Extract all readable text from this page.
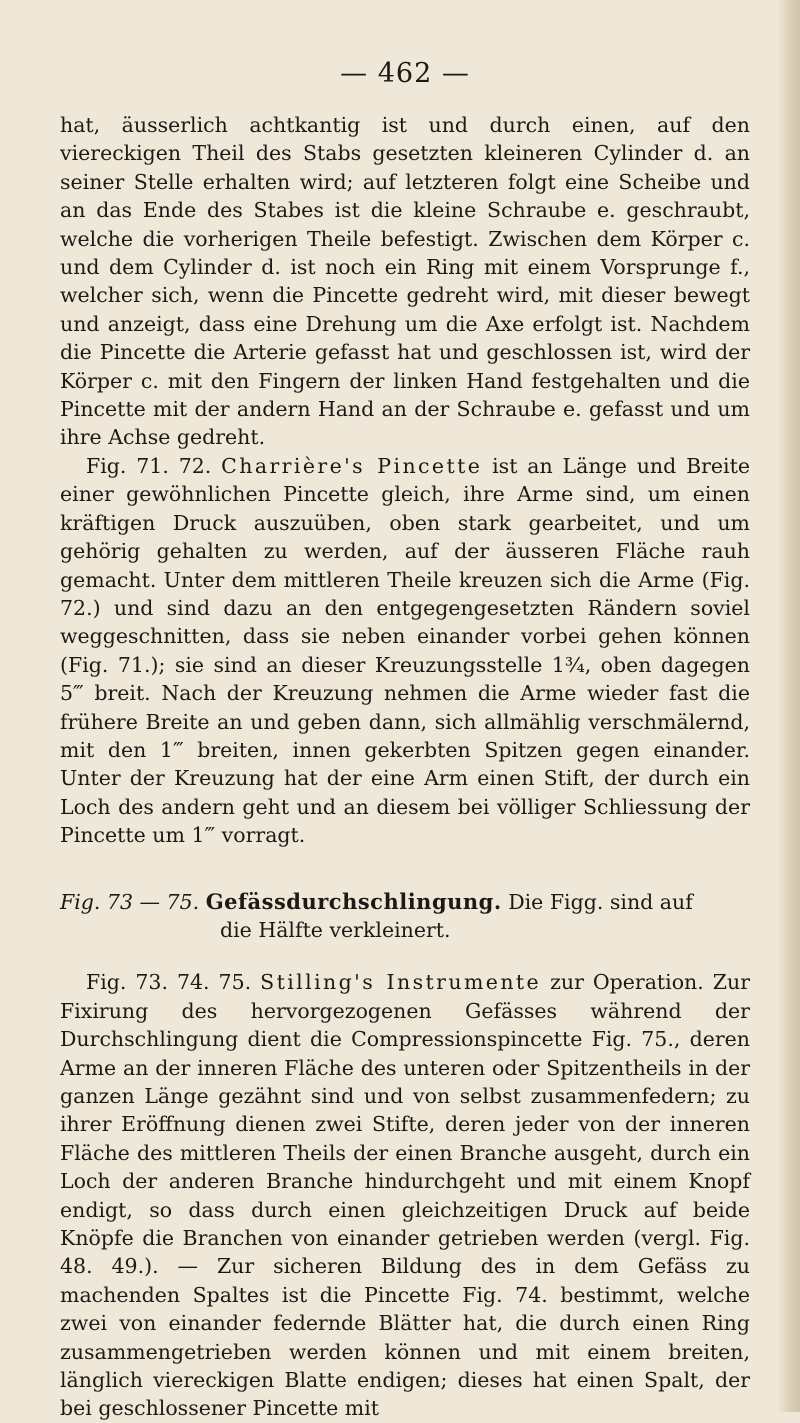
— 462 —

hat, äusserlich achtkantig ist und durch einen, auf den viereckigen Theil des Stabs gesetzten kleineren Cylinder d. an seiner Stelle erhalten wird; auf letzteren folgt eine Scheibe und an das Ende des Stabes ist die kleine Schraube e. geschraubt, welche die vorherigen Theile befestigt. Zwischen dem Körper c. und dem Cylinder d. ist noch ein Ring mit einem Vorsprunge f., welcher sich, wenn die Pincette gedreht wird, mit dieser bewegt und anzeigt, dass eine Drehung um die Axe erfolgt ist. Nachdem die Pincette die Arterie gefasst hat und geschlossen ist, wird der Körper c. mit den Fingern der linken Hand festgehalten und die Pincette mit der andern Hand an der Schraube e. gefasst und um ihre Achse gedreht.

Fig. 71. 72. Charrière's Pincette ist an Länge und Breite einer gewöhnlichen Pincette gleich, ihre Arme sind, um einen kräftigen Druck auszuüben, oben stark gearbeitet, und um gehörig gehalten zu werden, auf der äusseren Fläche rauh gemacht. Unter dem mittleren Theile kreuzen sich die Arme (Fig. 72.) und sind dazu an den entgegengesetzten Rändern soviel weggeschnitten, dass sie neben einander vorbei gehen können (Fig. 71.); sie sind an dieser Kreuzungsstelle 1¾, oben dagegen 5‴ breit. Nach der Kreuzung nehmen die Arme wieder fast die frühere Breite an und geben dann, sich allmählig verschmälernd, mit den 1‴ breiten, innen gekerbten Spitzen gegen einander. Unter der Kreuzung hat der eine Arm einen Stift, der durch ein Loch des andern geht und an diesem bei völliger Schliessung der Pincette um 1‴ vorragt.

Fig. 73 — 75. Gefässdurchschlingung. Die Figg. sind auf
die Hälfte verkleinert.

Fig. 73. 74. 75. Stilling's Instrumente zur Operation. Zur Fixirung des hervorgezogenen Gefässes während der Durchschlingung dient die Compressionspincette Fig. 75., deren Arme an der inneren Fläche des unteren oder Spitzentheils in der ganzen Länge gezähnt sind und von selbst zusammenfedern; zu ihrer Eröffnung dienen zwei Stifte, deren jeder von der inneren Fläche des mittleren Theils der einen Branche ausgeht, durch ein Loch der anderen Branche hindurchgeht und mit einem Knopf endigt, so dass durch einen gleichzeitigen Druck auf beide Knöpfe die Branchen von einander getrieben werden (vergl. Fig. 48. 49.). — Zur sicheren Bildung des in dem Gefäss zu machenden Spaltes ist die Pincette Fig. 74. bestimmt, welche zwei von einander federnde Blätter hat, die durch einen Ring zusammengetrieben werden können und mit einem breiten, länglich viereckigen Blatte endigen; dieses hat einen Spalt, der bei geschlossener Pincette mit
